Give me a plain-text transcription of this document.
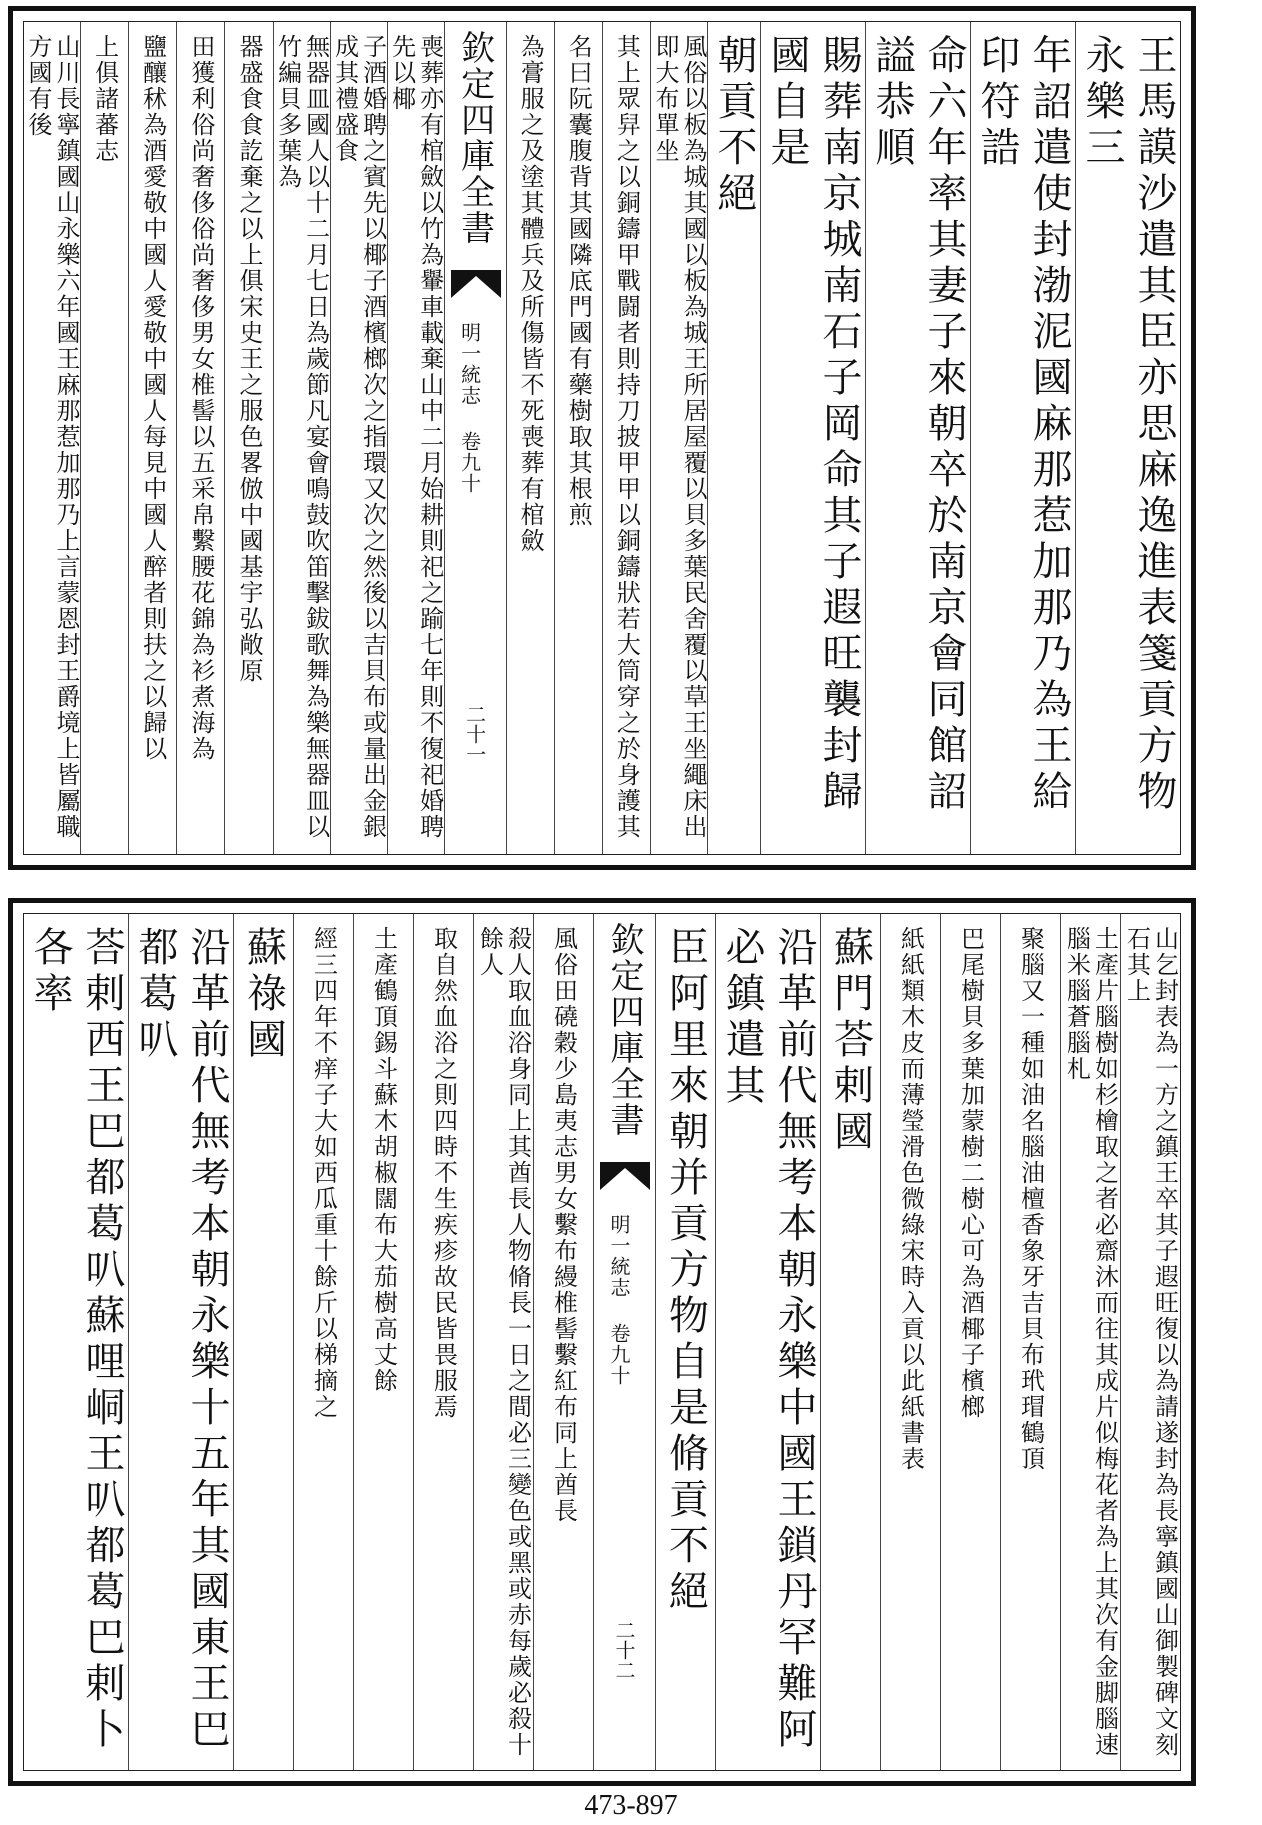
王馬謨沙遣其臣亦思麻逸進表箋貢方物永樂三
年詔遣使封渤泥國麻那惹加那乃為王給印符誥
命六年率其妻子來朝卒於南京會同館詔謚恭順
賜葬南京城南石子岡命其子遐旺襲封歸國自是
朝貢不絕
風俗以板為城其國以板為城王所居屋覆以貝多葉民舍覆以草王坐繩床出即大布單坐
其上眾舁之以銅鑄甲戰闘者則持刀披甲甲以銅鑄狀若大筒穿之於身護其
名曰阮囊腹背其國隣底門國有藥樹取其根煎
為膏服之及塗其體兵及所傷皆不死喪葬有棺斂
欽定四庫全書
明一統志 卷九十
二十一
喪葬亦有棺斂以竹為轝車載棄山中二月始耕則祀之踰七年則不復祀婚聘先以椰
子酒婚聘之賓先以椰子酒檳榔次之指環又次之然後以吉貝布或量出金銀成其禮盛食
無器皿國人以十二月七日為歲節凡宴會鳴鼓吹笛擊鈸歌舞為樂無器皿以竹編貝多葉為
器盛食食訖棄之以上俱宋史王之服色畧倣中國基宇弘敞原
田獲利俗尚奢侈俗尚奢侈男女椎髻以五采帛繫腰花錦為衫煮海為
鹽釀秫為酒愛敬中國人愛敬中國人每見中國人醉者則扶之以歸以
上俱諸蕃志
山川長寧鎮國山永樂六年國王麻那惹加那乃上言蒙恩封王爵境上皆屬職方國有後
山乞封表為一方之鎮王卒其子遐旺復以為請遂封為長寧鎮國山御製碑文刻石其上
土產片腦樹如杉檜取之者必齋沐而往其成片似梅花者為上其次有金脚腦速腦米腦蒼腦札
聚腦又一種如油名腦油檀香象牙吉貝布玳瑁鶴頂
巴尾樹貝多葉加蒙樹二樹心可為酒椰子檳榔
紙紙類木皮而薄瑩滑色微綠宋時入貢以此紙書表
蘇門荅剌國
沿革前代無考本朝永樂中國王鎖丹罕難阿必鎮遣其
臣阿里來朝并貢方物自是脩貢不絕
欽定四庫全書
明一統志 卷九十
二十二
風俗田磽穀少島夷志男女繫布縵椎髻繫紅布同上酋長
殺人取血浴身同上其酋長人物脩長一日之間必三變色或黑或赤每歲必殺十餘人
取自然血浴之則四時不生疾疹故民皆畏服焉
土產鶴頂錫斗蘇木胡椒闊布大茄樹高丈餘
經三四年不痒子大如西瓜重十餘斤以梯摘之
蘇祿國
沿革前代無考本朝永樂十五年其國東王巴都葛叭
荅剌西王巴都葛叭蘇哩峒王叭都葛巴剌卜各率
473-897
